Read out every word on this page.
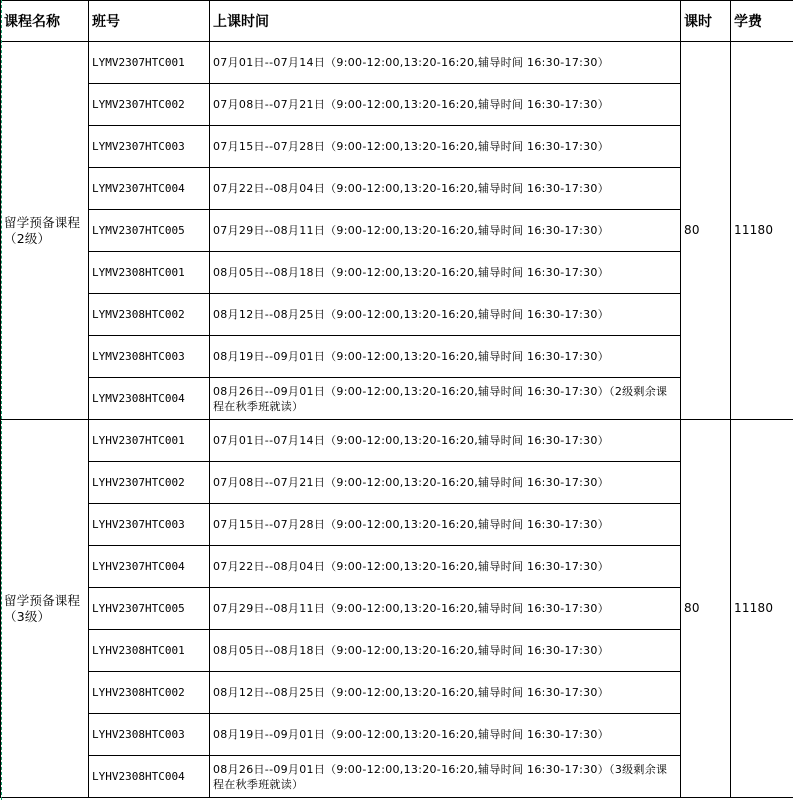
课程名称	班号	上课时间	课时	学费
留学预备课程（2级）	LYMV2307HTC001	07月01日--07月14日（9:00-12:00,13:20-16:20,辅导时间 16:30-17:30）	80	11180
	LYMV2307HTC002	07月08日--07月21日（9:00-12:00,13:20-16:20,辅导时间 16:30-17:30）		
	LYMV2307HTC003	07月15日--07月28日（9:00-12:00,13:20-16:20,辅导时间 16:30-17:30）		
	LYMV2307HTC004	07月22日--08月04日（9:00-12:00,13:20-16:20,辅导时间 16:30-17:30）		
	LYMV2307HTC005	07月29日--08月11日（9:00-12:00,13:20-16:20,辅导时间 16:30-17:30）		
	LYMV2308HTC001	08月05日--08月18日（9:00-12:00,13:20-16:20,辅导时间 16:30-17:30）		
	LYMV2308HTC002	08月12日--08月25日（9:00-12:00,13:20-16:20,辅导时间 16:30-17:30）		
	LYMV2308HTC003	08月19日--09月01日（9:00-12:00,13:20-16:20,辅导时间 16:30-17:30）		
	LYMV2308HTC004	08月26日--09月01日（9:00-12:00,13:20-16:20,辅导时间 16:30-17:30）（2级剩余课程在秋季班就读）		
留学预备课程（3级）	LYHV2307HTC001	07月01日--07月14日（9:00-12:00,13:20-16:20,辅导时间 16:30-17:30）	80	11180
	LYHV2307HTC002	07月08日--07月21日（9:00-12:00,13:20-16:20,辅导时间 16:30-17:30）		
	LYHV2307HTC003	07月15日--07月28日（9:00-12:00,13:20-16:20,辅导时间 16:30-17:30）		
	LYHV2307HTC004	07月22日--08月04日（9:00-12:00,13:20-16:20,辅导时间 16:30-17:30）		
	LYHV2307HTC005	07月29日--08月11日（9:00-12:00,13:20-16:20,辅导时间 16:30-17:30）		
	LYHV2308HTC001	08月05日--08月18日（9:00-12:00,13:20-16:20,辅导时间 16:30-17:30）		
	LYHV2308HTC002	08月12日--08月25日（9:00-12:00,13:20-16:20,辅导时间 16:30-17:30）		
	LYHV2308HTC003	08月19日--09月01日（9:00-12:00,13:20-16:20,辅导时间 16:30-17:30）		
	LYHV2308HTC004	08月26日--09月01日（9:00-12:00,13:20-16:20,辅导时间 16:30-17:30）（3级剩余课程在秋季班就读）		
